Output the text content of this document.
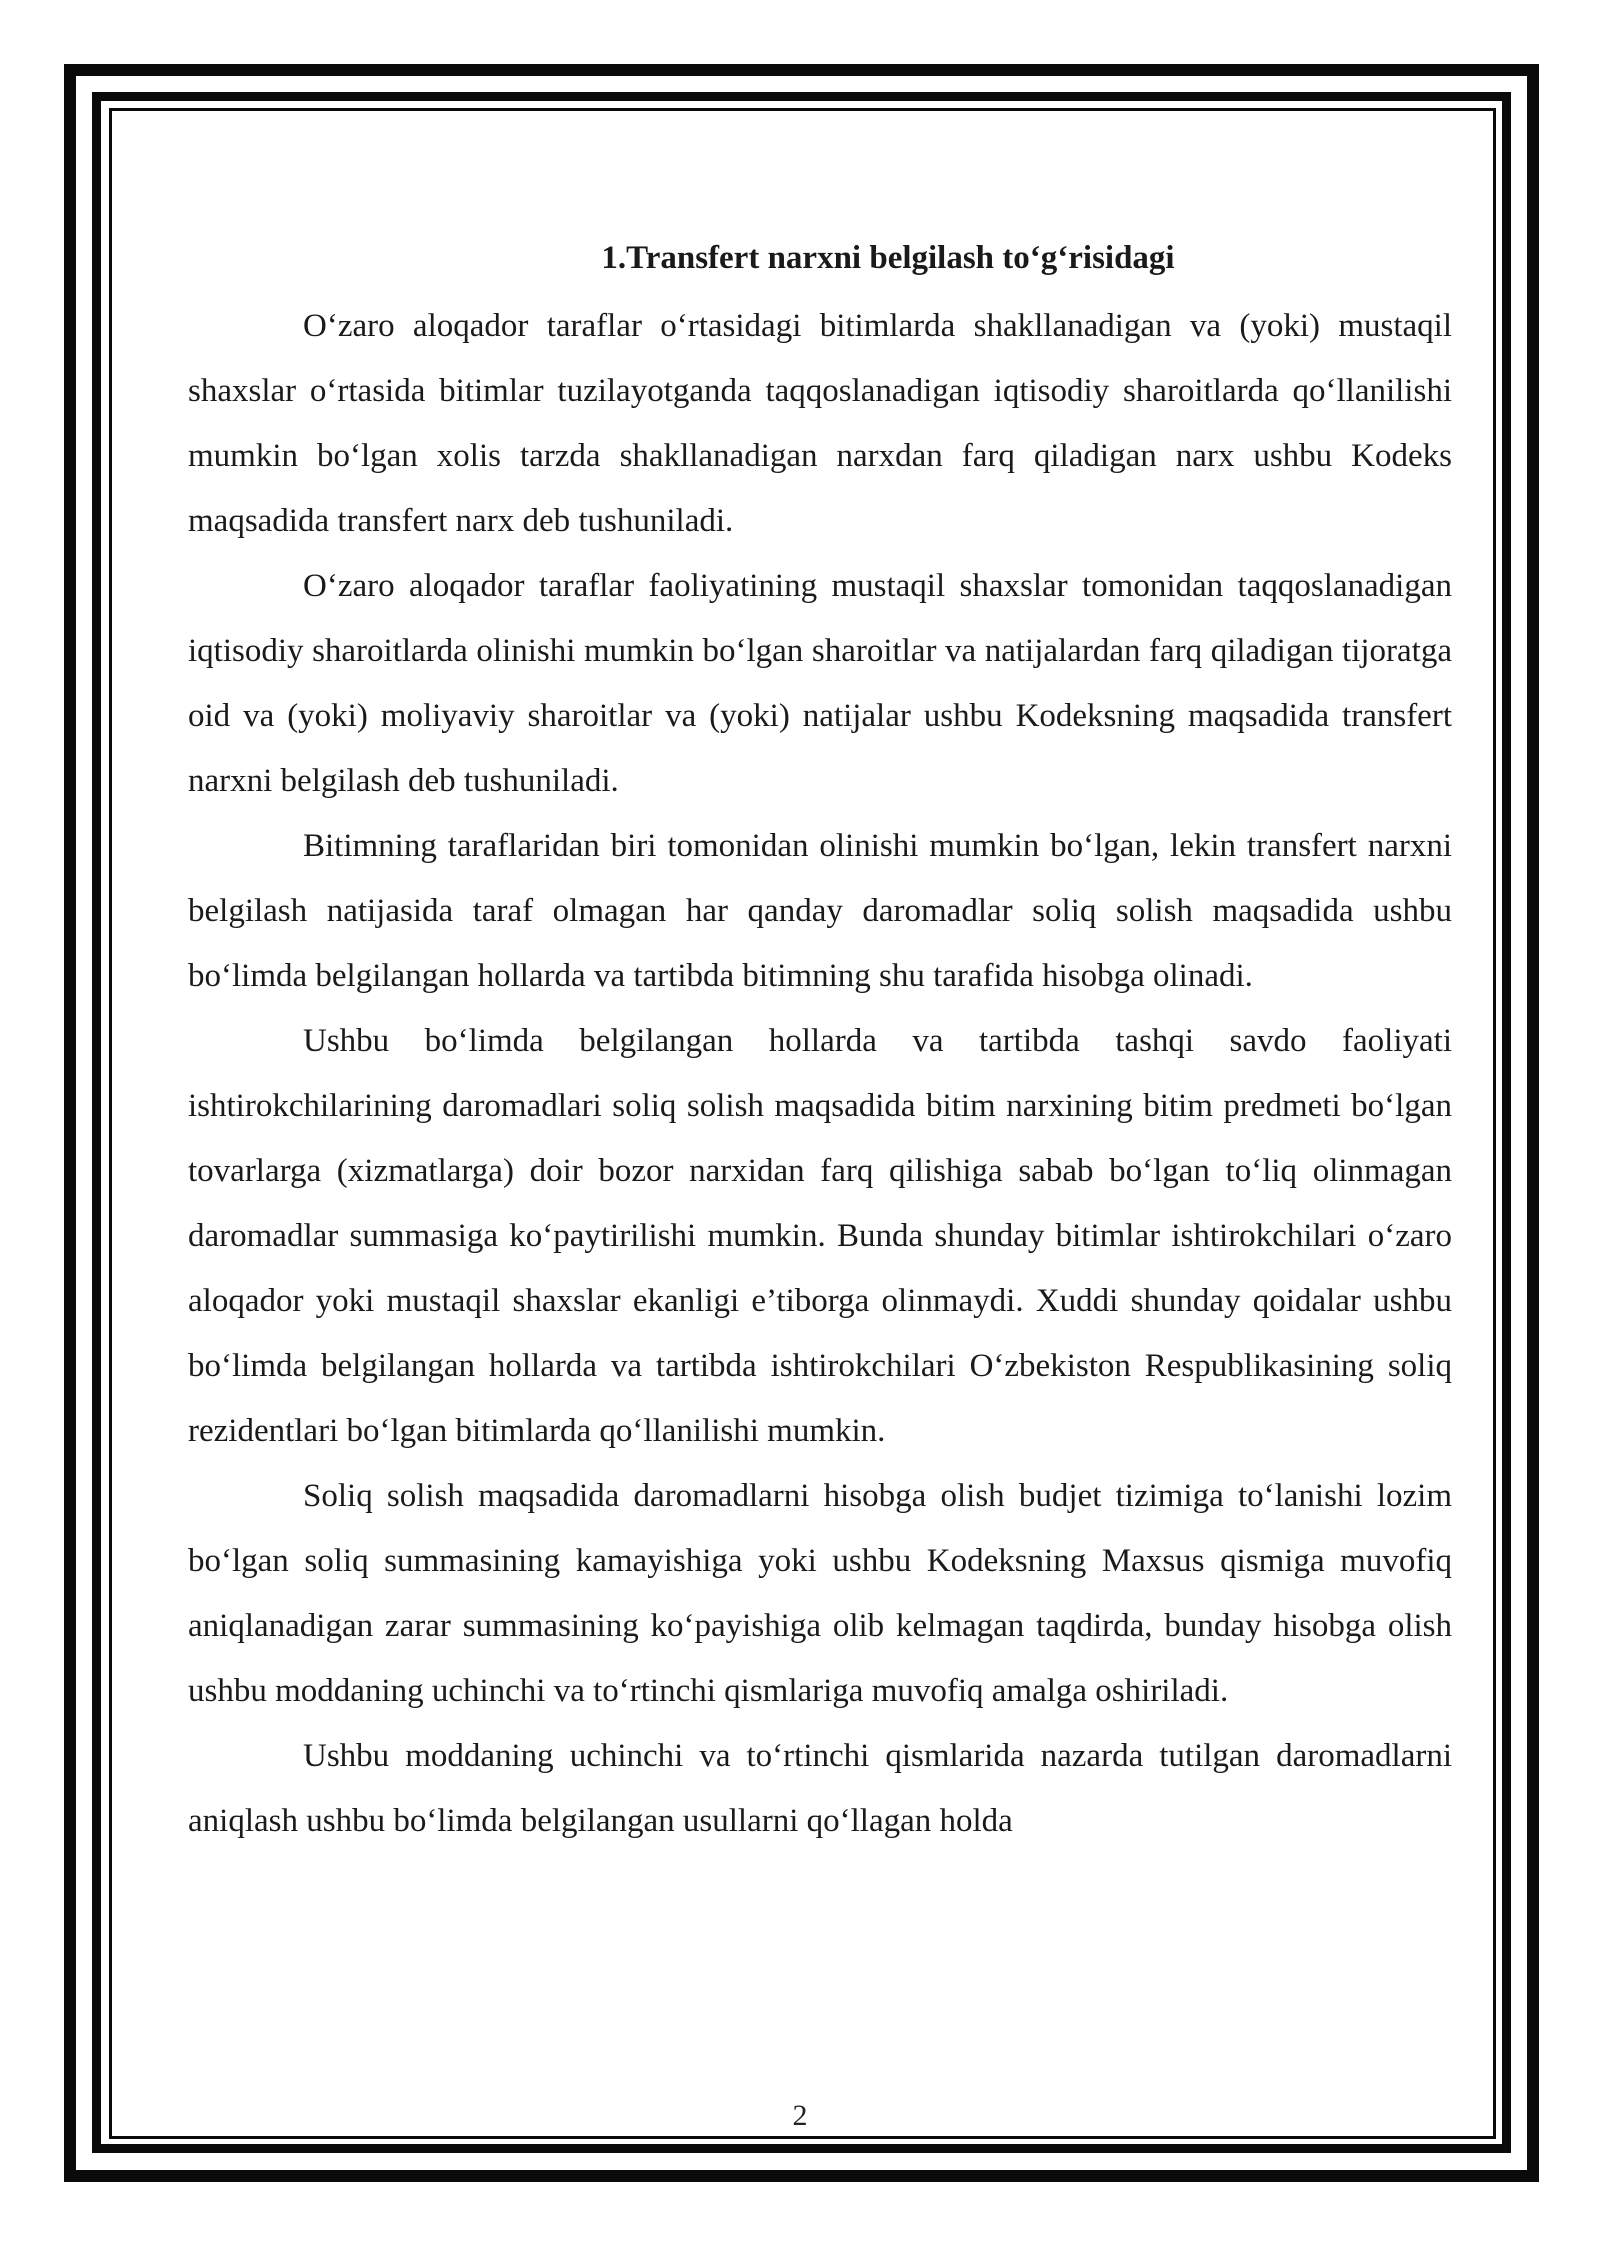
1.Transfert narxni belgilash to‘g‘risidagi

O‘zaro aloqador taraflar o‘rtasidagi bitimlarda shakllanadigan va (yoki) mustaqil shaxslar o‘rtasida bitimlar tuzilayotganda taqqoslanadigan iqtisodiy sharoitlarda qo‘llanilishi mumkin bo‘lgan xolis tarzda shakllanadigan narxdan farq qiladigan narx ushbu Kodeks maqsadida transfert narx deb tushuniladi.

O‘zaro aloqador taraflar faoliyatining mustaqil shaxslar tomonidan taqqoslanadigan iqtisodiy sharoitlarda olinishi mumkin bo‘lgan sharoitlar va natijalardan farq qiladigan tijoratga oid va (yoki) moliyaviy sharoitlar va (yoki) natijalar ushbu Kodeksning maqsadida transfert narxni belgilash deb tushuniladi.

Bitimning taraflaridan biri tomonidan olinishi mumkin bo‘lgan, lekin transfert narxni belgilash natijasida taraf olmagan har qanday daromadlar soliq solish maqsadida ushbu bo‘limda belgilangan hollarda va tartibda bitimning shu tarafida hisobga olinadi.

Ushbu bo‘limda belgilangan hollarda va tartibda tashqi savdo faoliyati ishtirokchilarining daromadlari soliq solish maqsadida bitim narxining bitim predmeti bo‘lgan tovarlarga (xizmatlarga) doir bozor narxidan farq qilishiga sabab bo‘lgan to‘liq olinmagan daromadlar summasiga ko‘paytirilishi mumkin. Bunda shunday bitimlar ishtirokchilari o‘zaro aloqador yoki mustaqil shaxslar ekanligi e’tiborga olinmaydi. Xuddi shunday qoidalar ushbu bo‘limda belgilangan hollarda va tartibda ishtirokchilari O‘zbekiston Respublikasining soliq rezidentlari bo‘lgan bitimlarda qo‘llanilishi mumkin.

Soliq solish maqsadida daromadlarni hisobga olish budjet tizimiga to‘lanishi lozim bo‘lgan soliq summasining kamayishiga yoki ushbu Kodeksning Maxsus qismiga muvofiq aniqlanadigan zarar summasining ko‘payishiga olib kelmagan taqdirda, bunday hisobga olish ushbu moddaning uchinchi va to‘rtinchi qismlariga muvofiq amalga oshiriladi.

Ushbu moddaning uchinchi va to‘rtinchi qismlarida nazarda tutilgan daromadlarni aniqlash ushbu bo‘limda belgilangan usullarni qo‘llagan holda

2
